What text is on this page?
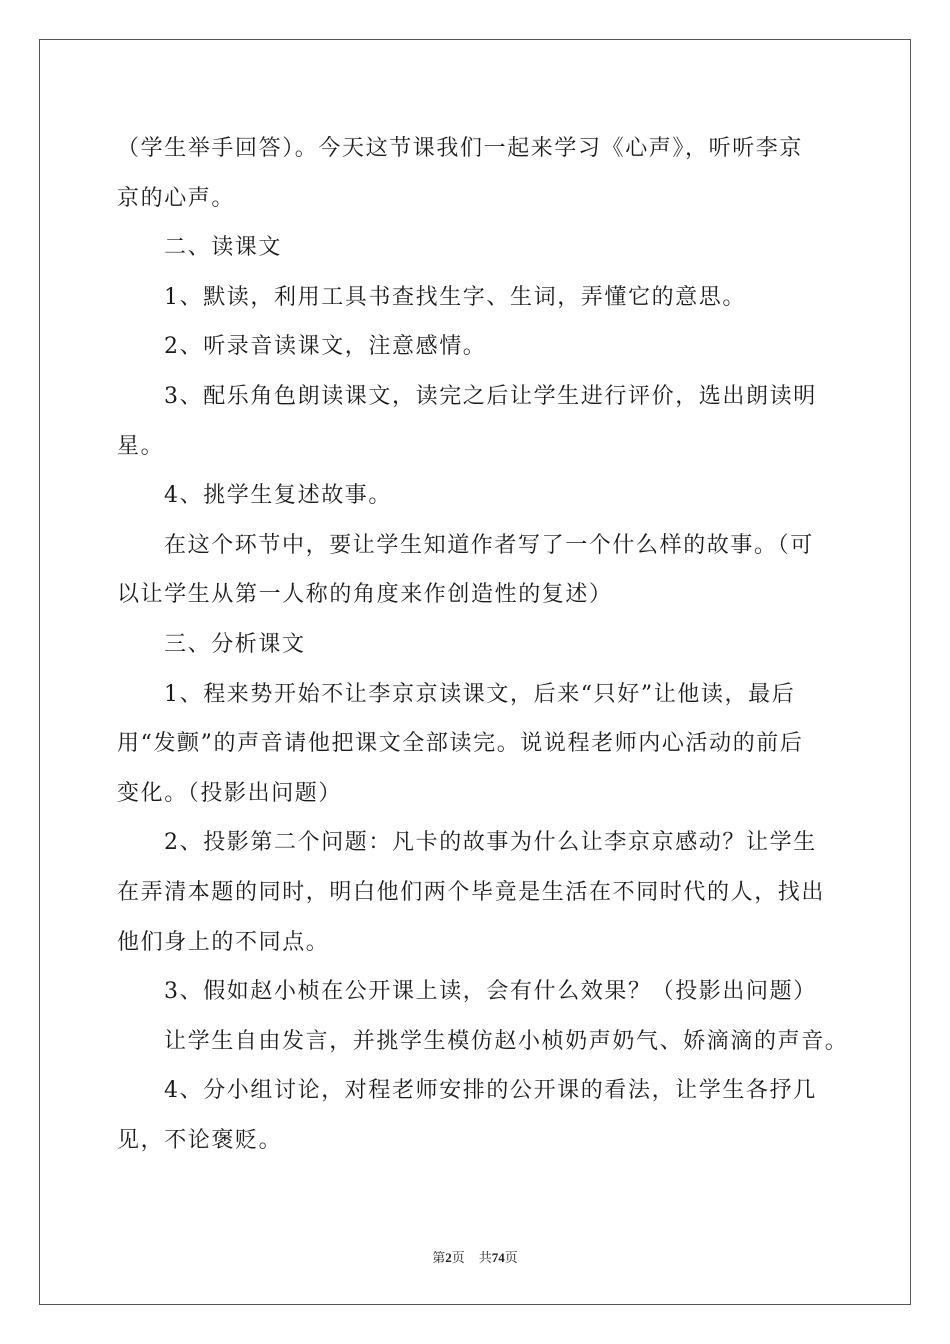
（学生举手回答）。今天这节课我们一起来学习《心声》，听听李京

京的心声。

二、读课文

1、默读，利用工具书查找生字、生词，弄懂它的意思。

2、听录音读课文，注意感情。

3、配乐角色朗读课文，读完之后让学生进行评价，选出朗读明

星。

4、挑学生复述故事。

在这个环节中，要让学生知道作者写了一个什么样的故事。（可

以让学生从第一人称的角度来作创造性的复述）

三、分析课文

1、程来势开始不让李京京读课文，后来“只好”让他读，最后

用“发颤”的声音请他把课文全部读完。说说程老师内心活动的前后

变化。（投影出问题）

2、投影第二个问题：凡卡的故事为什么让李京京感动？让学生

在弄清本题的同时，明白他们两个毕竟是生活在不同时代的人，找出

他们身上的不同点。

3、假如赵小桢在公开课上读，会有什么效果？（投影出问题）

让学生自由发言，并挑学生模仿赵小桢奶声奶气、娇滴滴的声音。

4、分小组讨论，对程老师安排的公开课的看法，让学生各抒几

见，不论褒贬。

第2页 共74页
